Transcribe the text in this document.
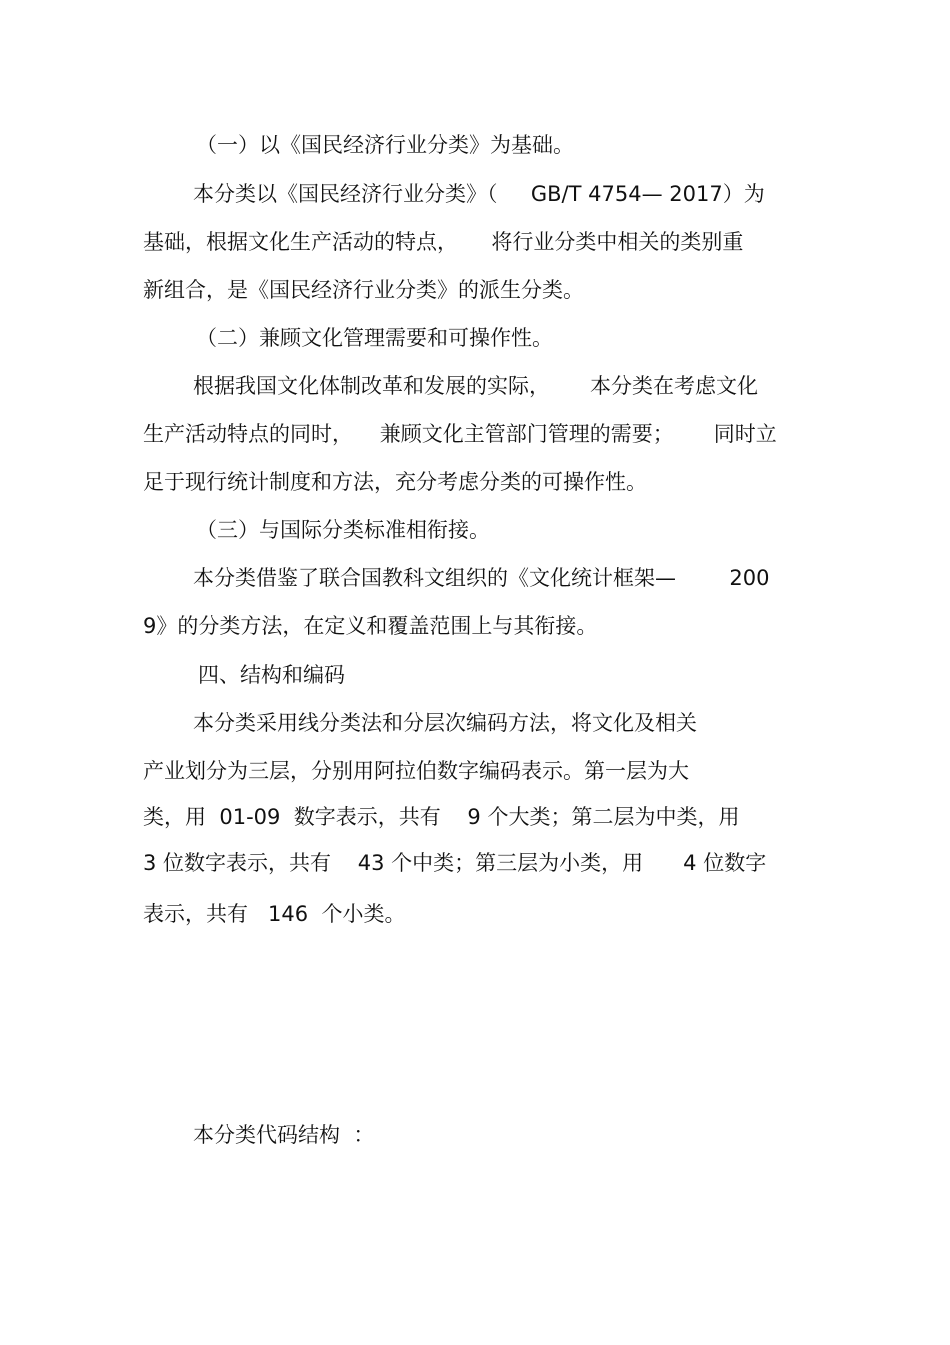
（一）以《国民经济行业分类》为基础。
本分类以《国民经济行业分类》（     GB/T 4754— 2017）为
基础，根据文化生产活动的特点，     将行业分类中相关的类别重
新组合，是《国民经济行业分类》的派生分类。
（二）兼顾文化管理需要和可操作性。
根据我国文化体制改革和发展的实际，      本分类在考虑文化
生产活动特点的同时，    兼顾文化主管部门管理的需要；      同时立
足于现行统计制度和方法，充分考虑分类的可操作性。
（三）与国际分类标准相衔接。
本分类借鉴了联合国教科文组织的《文化统计框架—        200
9》的分类方法，在定义和覆盖范围上与其衔接。
四、结构和编码
本分类采用线分类法和分层次编码方法，将文化及相关
产业划分为三层，分别用阿拉伯数字编码表示。第一层为大
类，用  01-09  数字表示，共有    9 个大类；第二层为中类，用
3 位数字表示，共有    43 个中类；第三层为小类，用      4 位数字
表示，共有   146  个小类。
本分类代码结构  ：
